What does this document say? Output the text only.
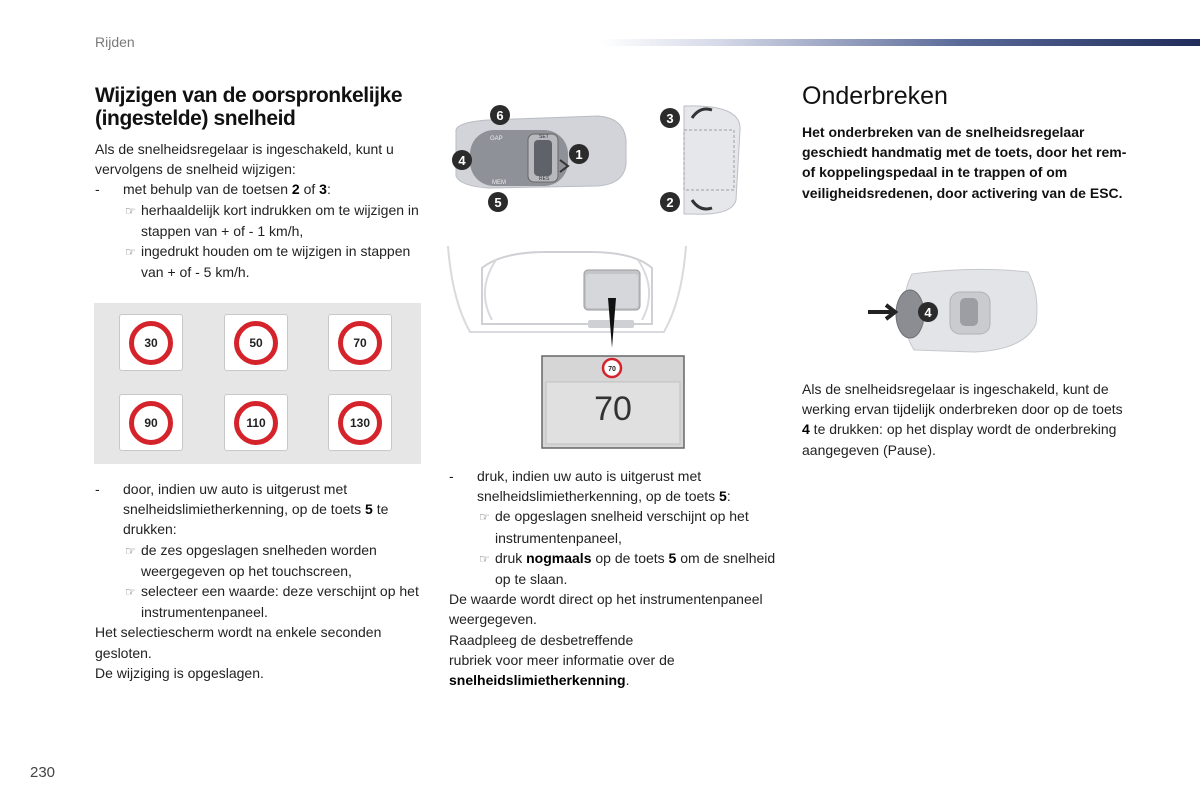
Rijden
Wijzigen van de oorspronkelijke (ingestelde) snelheid

Als de snelheidsregelaar is ingeschakeld, kunt u vervolgens de snelheid wijzigen:

- met behulp van de toetsen 2 of 3:

☞ herhaaldelijk kort indrukken om te wijzigen in stappen van + of - 1 km/h,

☞ ingedrukt houden om te wijzigen in stappen van + of - 5 km/h.

30	50	70
90	110	130

- door, indien uw auto is uitgerust met snelheidslimietherkenning, op de toets 5 te drukken:

☞ de zes opgeslagen snelheden worden weergegeven op het touchscreen,

☞ selecteer een waarde: deze verschijnt op het instrumentenpaneel.

Het selectiescherm wordt na enkele seconden gesloten.

De wijziging is opgeslagen.

GAP
MEM
SET
RES
6
4
5
1
3
2
70
70

- druk, indien uw auto is uitgerust met snelheidslimietherkenning, op de toets 5:

☞ de opgeslagen snelheid verschijnt op het instrumentenpaneel,

☞ druk nogmaals op de toets 5 om de snelheid op te slaan.

De waarde wordt direct op het instrumentenpaneel weergegeven.

Raadpleeg de desbetreffende

rubriek voor meer informatie over de
snelheidslimietherkenning.

Onderbreken
Het onderbreken van de snelheidsregelaar geschiedt handmatig met de toets, door het rem- of koppelingspedaal in te trappen of om veiligheidsredenen, door activering van de ESC.
4

Als de snelheidsregelaar is ingeschakeld, kunt de werking ervan tijdelijk onderbreken door op de toets 4 te drukken: op het display wordt de onderbreking aangegeven (Pause).

230
